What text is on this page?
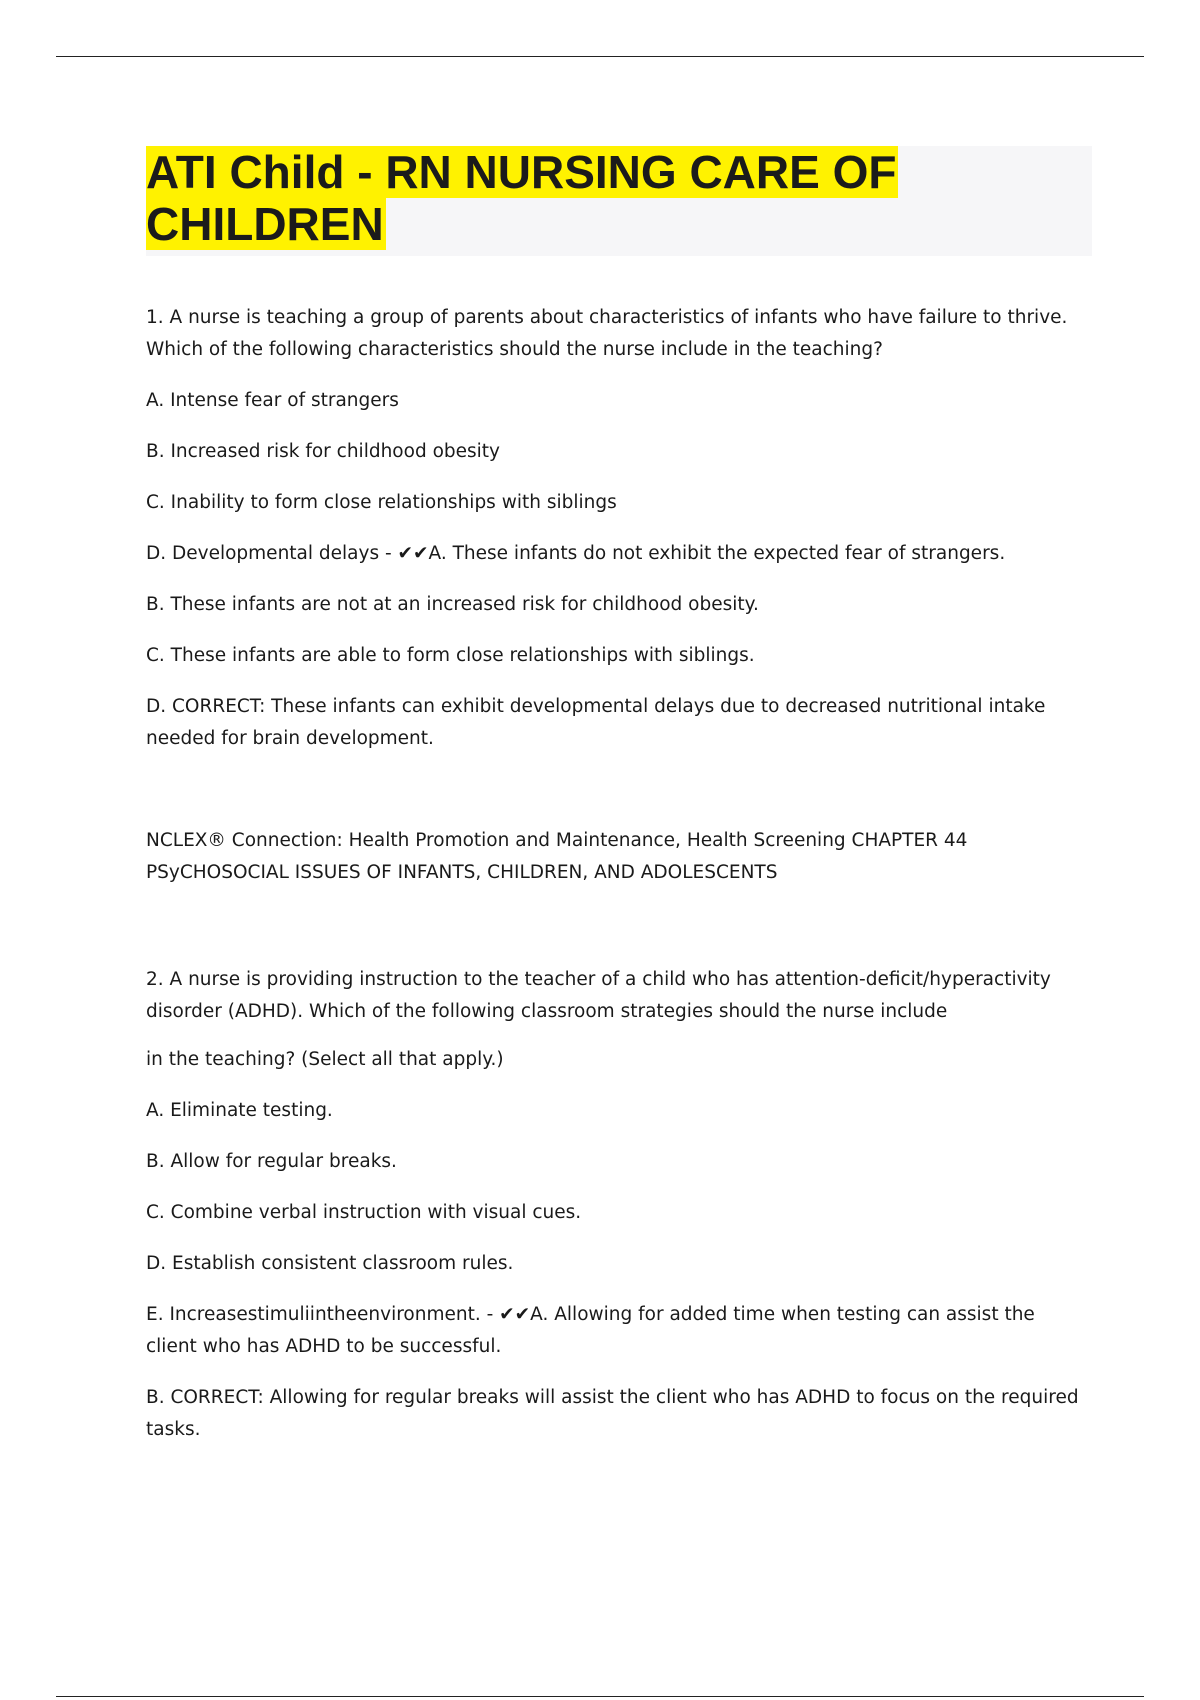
ATI Child - RN NURSING CARE OF CHILDREN

1. A nurse is teaching a group of parents about characteristics of infants who have failure to thrive. Which of the following characteristics should the nurse include in the teaching?

A. Intense fear of strangers

B. Increased risk for childhood obesity

C. Inability to form close relationships with siblings

D. Developmental delays - ✔✔A. These infants do not exhibit the expected fear of strangers.

B. These infants are not at an increased risk for childhood obesity.

C. These infants are able to form close relationships with siblings.

D. CORRECT: These infants can exhibit developmental delays due to decreased nutritional intake needed for brain development.

NCLEX® Connection: Health Promotion and Maintenance, Health Screening CHAPTER 44 PSyCHOSOCIAL ISSUES OF INFANTS, CHILDREN, AND ADOLESCENTS

2. A nurse is providing instruction to the teacher of a child who has attention-deficit/hyperactivity disorder (ADHD). Which of the following classroom strategies should the nurse include

in the teaching? (Select all that apply.)

A. Eliminate testing.

B. Allow for regular breaks.

C. Combine verbal instruction with visual cues.

D. Establish consistent classroom rules.

E. Increasestimuliintheenvironment. - ✔✔A. Allowing for added time when testing can assist the client who has ADHD to be successful.

B. CORRECT: Allowing for regular breaks will assist the client who has ADHD to focus on the required tasks.
